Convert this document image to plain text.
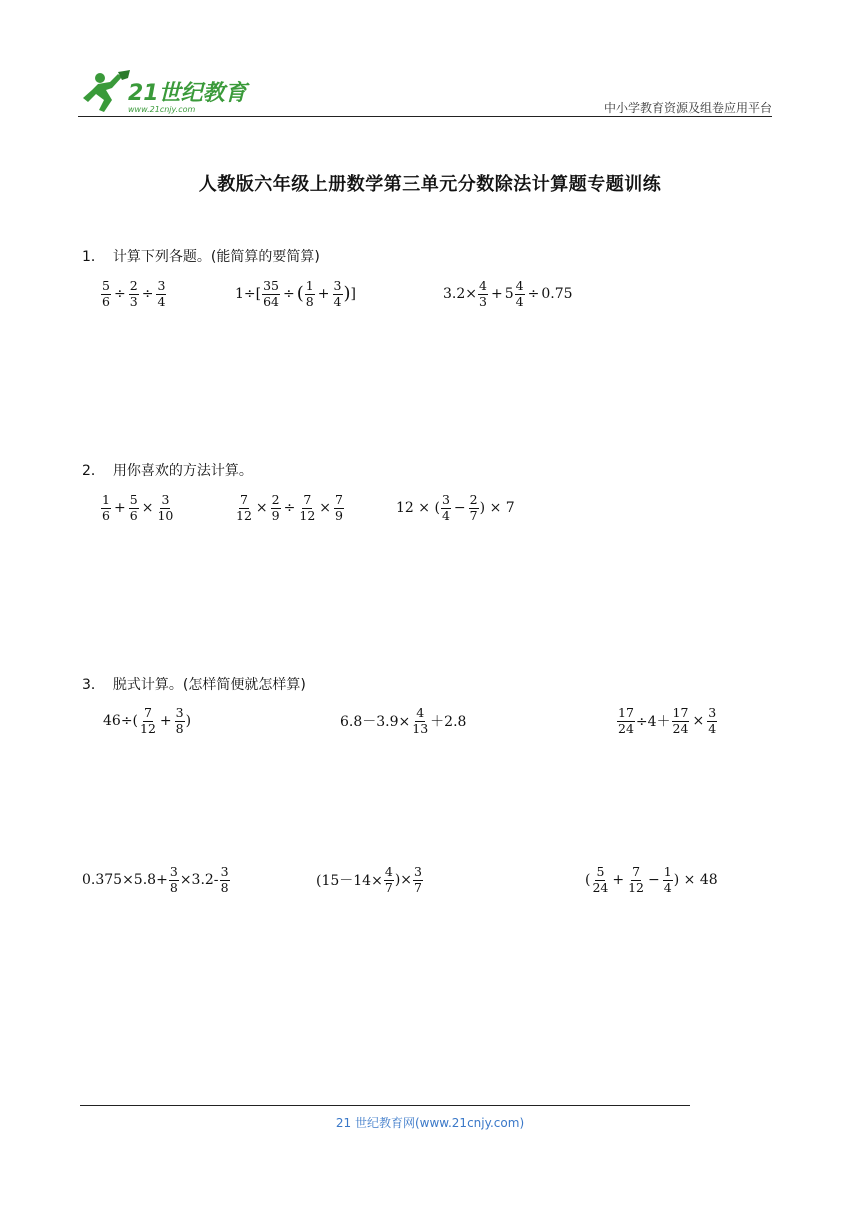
21世纪教育
www.21cnjy.com	中小学教育资源及组卷应用平台
人教版六年级上册数学第三单元分数除法计算题专题训练
1． 计算下列各题。(能简算的要简算)
$\frac{5}{6} \div \frac{2}{3} \div \frac{3}{4}$	$1\div[ \frac{35}{64}$ ÷ ( $\frac{1}{8} + \frac{3}{4}$ ) ]	$3.2\times \frac{4}{3} + 5 \frac{4}{4} \div 0.75$
2． 用你喜欢的方法计算。
$\frac{1}{6} + \frac{5}{6} \times \frac{3}{10}$	$\frac{7}{12} \times \frac{2}{9} \div \frac{7}{12} \times \frac{7}{9}$	12 × ( $\frac{3}{4} - \frac{2}{7}$ ) × 7
3． 脱式计算。(怎样简便就怎样算)
$46\div( \frac{7}{12} + \frac{3}{8}$ )	$6.8-3.9\times \frac{4}{13} +2.8$	$\frac{17}{24} \div 4+ \frac{17}{24} \times \frac{3}{4}$
$0.375\times 5.8+ \frac{3}{8} \times 3.2- \frac{3}{8}$	($15-14\times \frac{4}{7}$ )× $\frac{3}{7}$	( $\frac{5}{24} + \frac{7}{12} - \frac{1}{4}$ ) × 48
21 世纪教育网(www.21cnjy.com)
